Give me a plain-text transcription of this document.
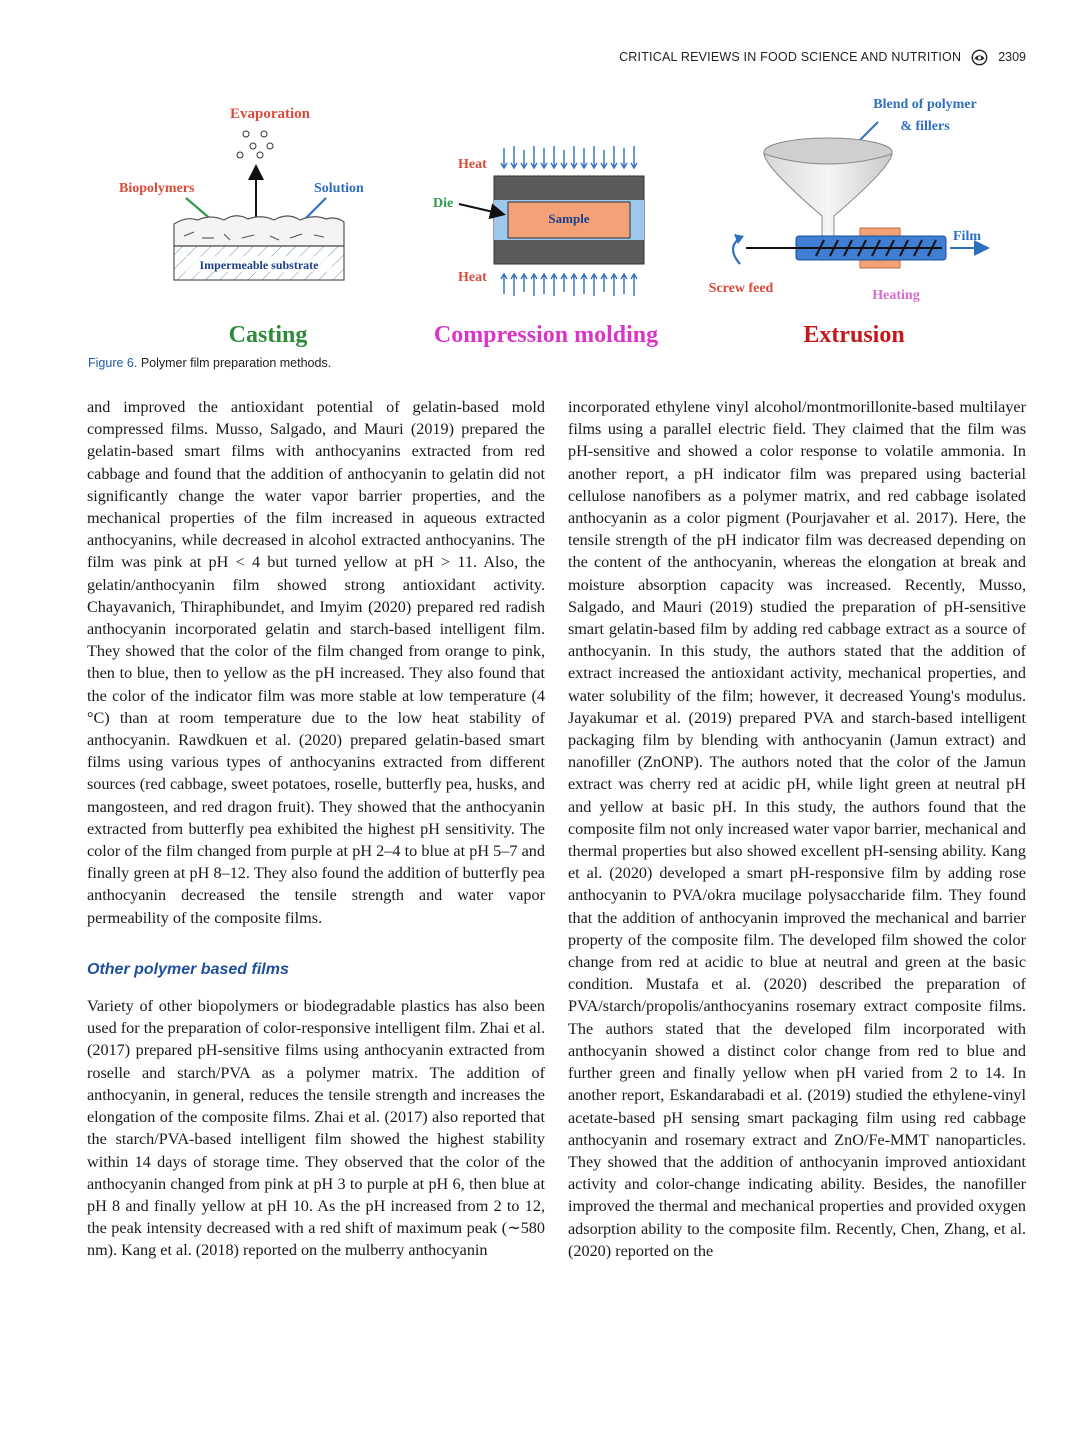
CRITICAL REVIEWS IN FOOD SCIENCE AND NUTRITION	2309
Evaporation
Biopolymers	Solution
Impermeable substrate
Casting
Heat
Sample
Die
Heat
Compression molding
Blend of polymer
& fillers
Film
Screw feed	Heating
Extrusion
Figure 6. Polymer film preparation methods.

and improved the antioxidant potential of gelatin-based mold compressed films. Musso, Salgado, and Mauri (2019) prepared the gelatin-based smart films with anthocyanins extracted from red cabbage and found that the addition of anthocyanin to gelatin did not significantly change the water vapor barrier properties, and the mechanical properties of the film increased in aqueous extracted anthocyanins, while decreased in alcohol extracted anthocyanins. The film was pink at pH < 4 but turned yellow at pH > 11. Also, the gelatin/anthocyanin film showed strong antioxidant activity. Chayavanich, Thiraphibundet, and Imyim (2020) prepared red radish anthocyanin incorporated gelatin and starch-based intelligent film. They showed that the color of the film changed from orange to pink, then to blue, then to yellow as the pH increased. They also found that the color of the indicator film was more stable at low temperature (4 °C) than at room temperature due to the low heat stability of anthocyanin. Rawdkuen et al. (2020) prepared gelatin-based smart films using various types of anthocyanins extracted from different sources (red cabbage, sweet potatoes, roselle, butterfly pea, husks, and mangosteen, and red dragon fruit). They showed that the anthocyanin extracted from butterfly pea exhibited the highest pH sensitivity. The color of the film changed from purple at pH 2–4 to blue at pH 5–7 and finally green at pH 8–12. They also found the addition of butterfly pea anthocyanin decreased the tensile strength and water vapor permeability of the composite films.

Other polymer based films

Variety of other biopolymers or biodegradable plastics has also been used for the preparation of color-responsive intelligent film. Zhai et al. (2017) prepared pH-sensitive films using anthocyanin extracted from roselle and starch/PVA as a polymer matrix. The addition of anthocyanin, in general, reduces the tensile strength and increases the elongation of the composite films. Zhai et al. (2017) also reported that the starch/PVA-based intelligent film showed the highest stability within 14 days of storage time. They observed that the color of the anthocyanin changed from pink at pH 3 to purple at pH 6, then blue at pH 8 and finally yellow at pH 10. As the pH increased from 2 to 12, the peak intensity decreased with a red shift of maximum peak (∼580 nm). Kang et al. (2018) reported on the mulberry anthocyanin

incorporated ethylene vinyl alcohol/montmorillonite-based multilayer films using a parallel electric field. They claimed that the film was pH-sensitive and showed a color response to volatile ammonia. In another report, a pH indicator film was prepared using bacterial cellulose nanofibers as a polymer matrix, and red cabbage isolated anthocyanin as a color pigment (Pourjavaher et al. 2017). Here, the tensile strength of the pH indicator film was decreased depending on the content of the anthocyanin, whereas the elongation at break and moisture absorption capacity was increased. Recently, Musso, Salgado, and Mauri (2019) studied the preparation of pH-sensitive smart gelatin-based film by adding red cabbage extract as a source of anthocyanin. In this study, the authors stated that the addition of extract increased the antioxidant activity, mechanical properties, and water solubility of the film; however, it decreased Young's modulus. Jayakumar et al. (2019) prepared PVA and starch-based intelligent packaging film by blending with anthocyanin (Jamun extract) and nanofiller (ZnONP). The authors noted that the color of the Jamun extract was cherry red at acidic pH, while light green at neutral pH and yellow at basic pH. In this study, the authors found that the composite film not only increased water vapor barrier, mechanical and thermal properties but also showed excellent pH-sensing ability. Kang et al. (2020) developed a smart pH-responsive film by adding rose anthocyanin to PVA/okra mucilage polysaccharide film. They found that the addition of anthocyanin improved the mechanical and barrier property of the composite film. The developed film showed the color change from red at acidic to blue at neutral and green at the basic condition. Mustafa et al. (2020) described the preparation of PVA/starch/propolis/anthocyanins rosemary extract composite films. The authors stated that the developed film incorporated with anthocyanin showed a distinct color change from red to blue and further green and finally yellow when pH varied from 2 to 14. In another report, Eskandarabadi et al. (2019) studied the ethylene-vinyl acetate-based pH sensing smart packaging film using red cabbage anthocyanin and rosemary extract and ZnO/Fe-MMT nanoparticles. They showed that the addition of anthocyanin improved antioxidant activity and color-change indicating ability. Besides, the nanofiller improved the thermal and mechanical properties and provided oxygen adsorption ability to the composite film. Recently, Chen, Zhang, et al. (2020) reported on the
